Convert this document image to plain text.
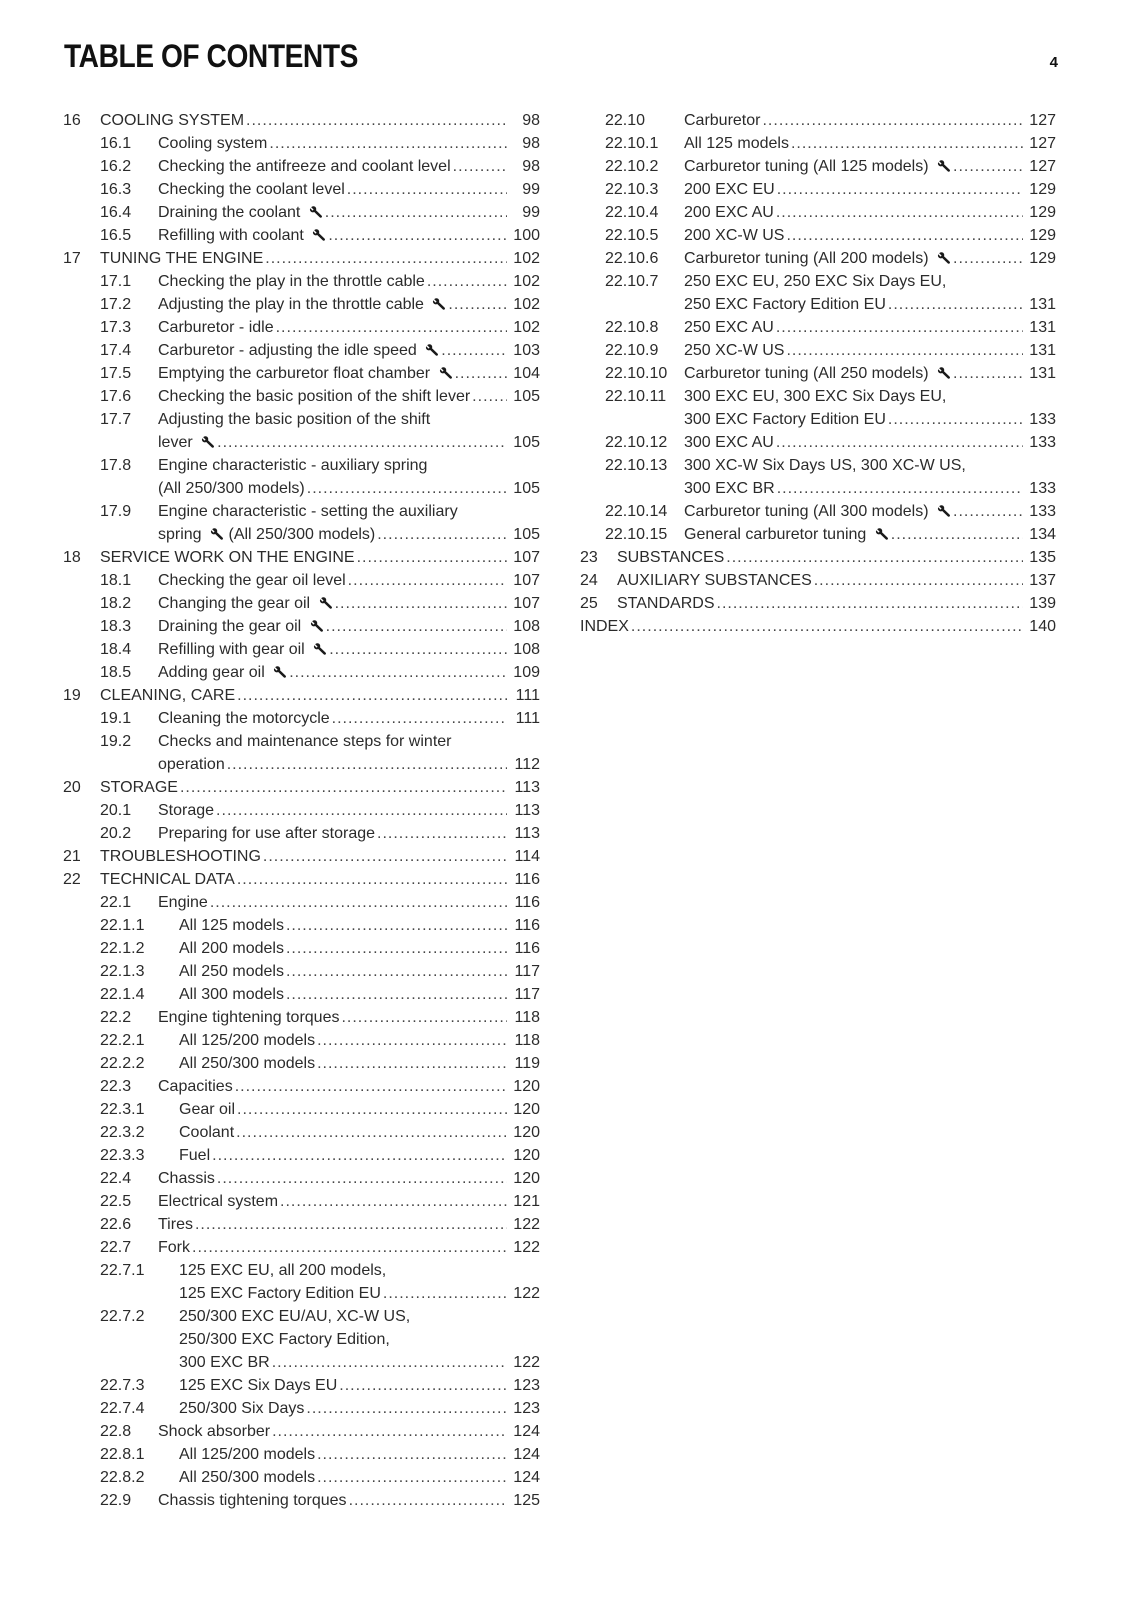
TABLE OF CONTENTS	4
16	COOLING SYSTEM .....	98
16.1	Cooling system .....	98
16.2	Checking the antifreeze and coolant level .....	98
16.3	Checking the coolant level .....	99
16.4	Draining the coolant .....	99
16.5	Refilling with coolant .....	100
17	TUNING THE ENGINE .....	102
17.1	Checking the play in the throttle cable .....	102
17.2	Adjusting the play in the throttle cable .....	102
17.3	Carburetor - idle .....	102
17.4	Carburetor - adjusting the idle speed .....	103
17.5	Emptying the carburetor float chamber .....	104
17.6	Checking the basic position of the shift lever .....	105
17.7	Adjusting the basic position of the shift
lever .....	105
17.8	Engine characteristic - auxiliary spring
(All 250/300 models) .....	105
17.9	Engine characteristic - setting the auxiliary
spring  (All 250/300 models) .....	105
18	SERVICE WORK ON THE ENGINE .....	107
18.1	Checking the gear oil level .....	107
18.2	Changing the gear oil .....	107
18.3	Draining the gear oil .....	108
18.4	Refilling with gear oil .....	108
18.5	Adding gear oil .....	109
19	CLEANING, CARE .....	111
19.1	Cleaning the motorcycle .....	111
19.2	Checks and maintenance steps for winter
operation .....	112
20	STORAGE .....	113
20.1	Storage .....	113
20.2	Preparing for use after storage .....	113
21	TROUBLESHOOTING .....	114
22	TECHNICAL DATA .....	116
22.1	Engine .....	116
22.1.1	All 125 models .....	116
22.1.2	All 200 models .....	116
22.1.3	All 250 models .....	117
22.1.4	All 300 models .....	117
22.2	Engine tightening torques .....	118
22.2.1	All 125/200 models .....	118
22.2.2	All 250/300 models .....	119
22.3	Capacities .....	120
22.3.1	Gear oil .....	120
22.3.2	Coolant .....	120
22.3.3	Fuel .....	120
22.4	Chassis .....	120
22.5	Electrical system .....	121
22.6	Tires .....	122
22.7	Fork .....	122
22.7.1	125 EXC EU, all 200 models,
125 EXC Factory Edition EU .....	122
22.7.2	250/300 EXC EU/AU, XC-W US,
250/300 EXC Factory Edition,
300 EXC BR .....	122
22.7.3	125 EXC Six Days EU .....	123
22.7.4	250/300 Six Days .....	123
22.8	Shock absorber .....	124
22.8.1	All 125/200 models .....	124
22.8.2	All 250/300 models .....	124
22.9	Chassis tightening torques .....	125
22.10	Carburetor .....	127
22.10.1	All 125 models .....	127
22.10.2	Carburetor tuning (All 125 models) .....	127
22.10.3	200 EXC EU .....	129
22.10.4	200 EXC AU .....	129
22.10.5	200 XC-W US .....	129
22.10.6	Carburetor tuning (All 200 models) .....	129
22.10.7	250 EXC EU, 250 EXC Six Days EU,
250 EXC Factory Edition EU .....	131
22.10.8	250 EXC AU .....	131
22.10.9	250 XC-W US .....	131
22.10.10	Carburetor tuning (All 250 models) .....	131
22.10.11	300 EXC EU, 300 EXC Six Days EU,
300 EXC Factory Edition EU .....	133
22.10.12	300 EXC AU .....	133
22.10.13	300 XC-W Six Days US, 300 XC-W US,
300 EXC BR .....	133
22.10.14	Carburetor tuning (All 300 models) .....	133
22.10.15	General carburetor tuning .....	134
23	SUBSTANCES .....	135
24	AUXILIARY SUBSTANCES .....	137
25	STANDARDS .....	139
INDEX .....	140
